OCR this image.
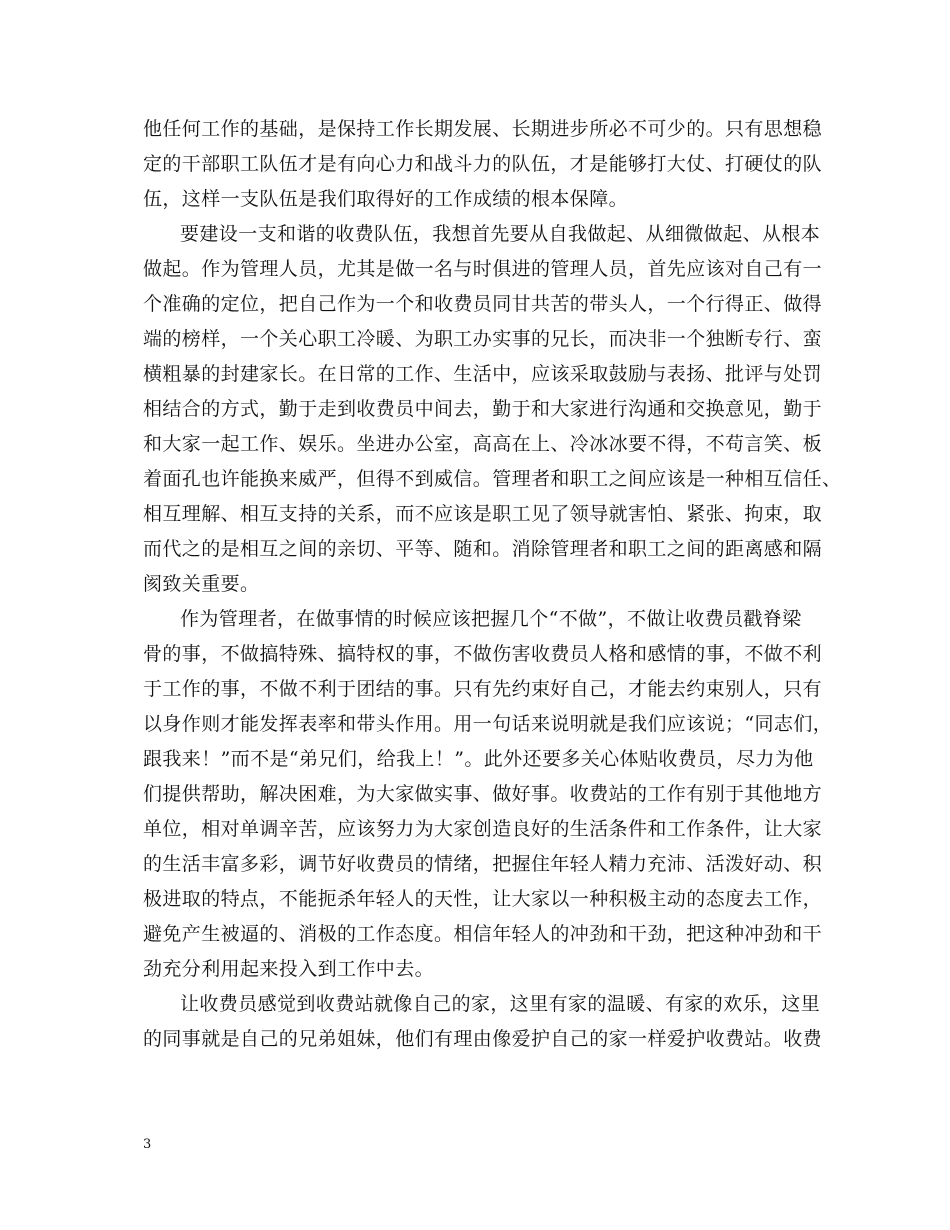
他任何工作的基础，是保持工作长期发展、长期进步所必不可少的。只有思想稳
定的干部职工队伍才是有向心力和战斗力的队伍，才是能够打大仗、打硬仗的队
伍，这样一支队伍是我们取得好的工作成绩的根本保障。
要建设一支和谐的收费队伍，我想首先要从自我做起、从细微做起、从根本
做起。作为管理人员，尤其是做一名与时俱进的管理人员，首先应该对自己有一
个准确的定位，把自己作为一个和收费员同甘共苦的带头人，一个行得正、做得
端的榜样，一个关心职工冷暖、为职工办实事的兄长，而决非一个独断专行、蛮
横粗暴的封建家长。在日常的工作、生活中，应该采取鼓励与表扬、批评与处罚
相结合的方式，勤于走到收费员中间去，勤于和大家进行沟通和交换意见，勤于
和大家一起工作、娱乐。坐进办公室，高高在上、冷冰冰要不得，不苟言笑、板
着面孔也许能换来威严，但得不到威信。管理者和职工之间应该是一种相互信任、
相互理解、相互支持的关系，而不应该是职工见了领导就害怕、紧张、拘束，取
而代之的是相互之间的亲切、平等、随和。消除管理者和职工之间的距离感和隔
阂致关重要。
作为管理者，在做事情的时候应该把握几个“不做”，不做让收费员戳脊梁
骨的事，不做搞特殊、搞特权的事，不做伤害收费员人格和感情的事，不做不利
于工作的事，不做不利于团结的事。只有先约束好自己，才能去约束别人，只有
以身作则才能发挥表率和带头作用。用一句话来说明就是我们应该说；“同志们，
跟我来！”而不是“弟兄们，给我上！”。此外还要多关心体贴收费员，尽力为他
们提供帮助，解决困难，为大家做实事、做好事。收费站的工作有别于其他地方
单位，相对单调辛苦，应该努力为大家创造良好的生活条件和工作条件，让大家
的生活丰富多彩，调节好收费员的情绪，把握住年轻人精力充沛、活泼好动、积
极进取的特点，不能扼杀年轻人的天性，让大家以一种积极主动的态度去工作，
避免产生被逼的、消极的工作态度。相信年轻人的冲劲和干劲，把这种冲劲和干
劲充分利用起来投入到工作中去。
让收费员感觉到收费站就像自己的家，这里有家的温暖、有家的欢乐，这里
的同事就是自己的兄弟姐妹，他们有理由像爱护自己的家一样爱护收费站。收费
3
